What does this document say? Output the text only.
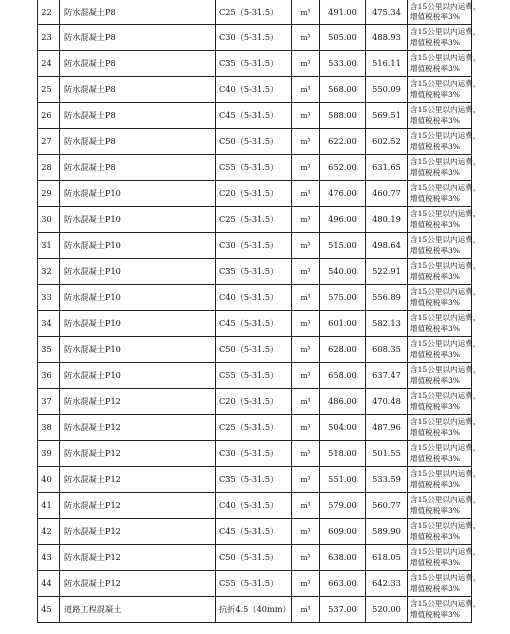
22	防水混凝土P8	C25（5-31.5）	m³	491.00	475.34	含15公里以内运费，
增值税税率3%

23	防水混凝土P8	C30（5-31.5）	m³	505.00	488.93	含15公里以内运费，
增值税税率3%

24	防水混凝土P8	C35（5-31.5）	m³	533.00	516.11	含15公里以内运费，
增值税税率3%

25	防水混凝土P8	C40（5-31.5）	m³	568.00	550.09	含15公里以内运费，
增值税税率3%

26	防水混凝土P8	C45（5-31.5）	m³	588.00	569.51	含15公里以内运费，
增值税税率3%

27	防水混凝土P8	C50（5-31.5）	m³	622.00	602.52	含15公里以内运费，
增值税税率3%

28	防水混凝土P8	C55（5-31.5）	m³	652.00	631.65	含15公里以内运费，
增值税税率3%

29	防水混凝土P10	C20（5-31.5）	m³	476.00	460.77	含15公里以内运费，
增值税税率3%

30	防水混凝土P10	C25（5-31.5）	m³	496.00	480.19	含15公里以内运费，
增值税税率3%

31	防水混凝土P10	C30（5-31.5）	m³	515.00	498.64	含15公里以内运费，
增值税税率3%

32	防水混凝土P10	C35（5-31.5）	m³	540.00	522.91	含15公里以内运费，
增值税税率3%

33	防水混凝土P10	C40（5-31.5）	m³	575.00	556.89	含15公里以内运费，
增值税税率3%

34	防水混凝土P10	C45（5-31.5）	m³	601.00	582.13	含15公里以内运费，
增值税税率3%

35	防水混凝土P10	C50（5-31.5）	m³	628.00	608.35	含15公里以内运费，
增值税税率3%

36	防水混凝土P10	C55（5-31.5）	m³	658.00	637.47	含15公里以内运费，
增值税税率3%

37	防水混凝土P12	C20（5-31.5）	m³	486.00	470.48	含15公里以内运费，
增值税税率3%

38	防水混凝土P12	C25（5-31.5）	m³	504.00	487.96	含15公里以内运费，
增值税税率3%

39	防水混凝土P12	C30（5-31.5）	m³	518.00	501.55	含15公里以内运费，
增值税税率3%

40	防水混凝土P12	C35（5-31.5）	m³	551.00	533.59	含15公里以内运费，
增值税税率3%

41	防水混凝土P12	C40（5-31.5）	m³	579.00	560.77	含15公里以内运费，
增值税税率3%

42	防水混凝土P12	C45（5-31.5）	m³	609.00	589.90	含15公里以内运费，
增值税税率3%

43	防水混凝土P12	C50（5-31.5）	m³	638.00	618.05	含15公里以内运费，
增值税税率3%

44	防水混凝土P12	C55（5-31.5）	m³	663.00	642.33	含15公里以内运费，
增值税税率3%

45	道路工程混凝土	抗折4.5（40mm）	m³	537.00	520.00	含15公里以内运费，
增值税税率3%
